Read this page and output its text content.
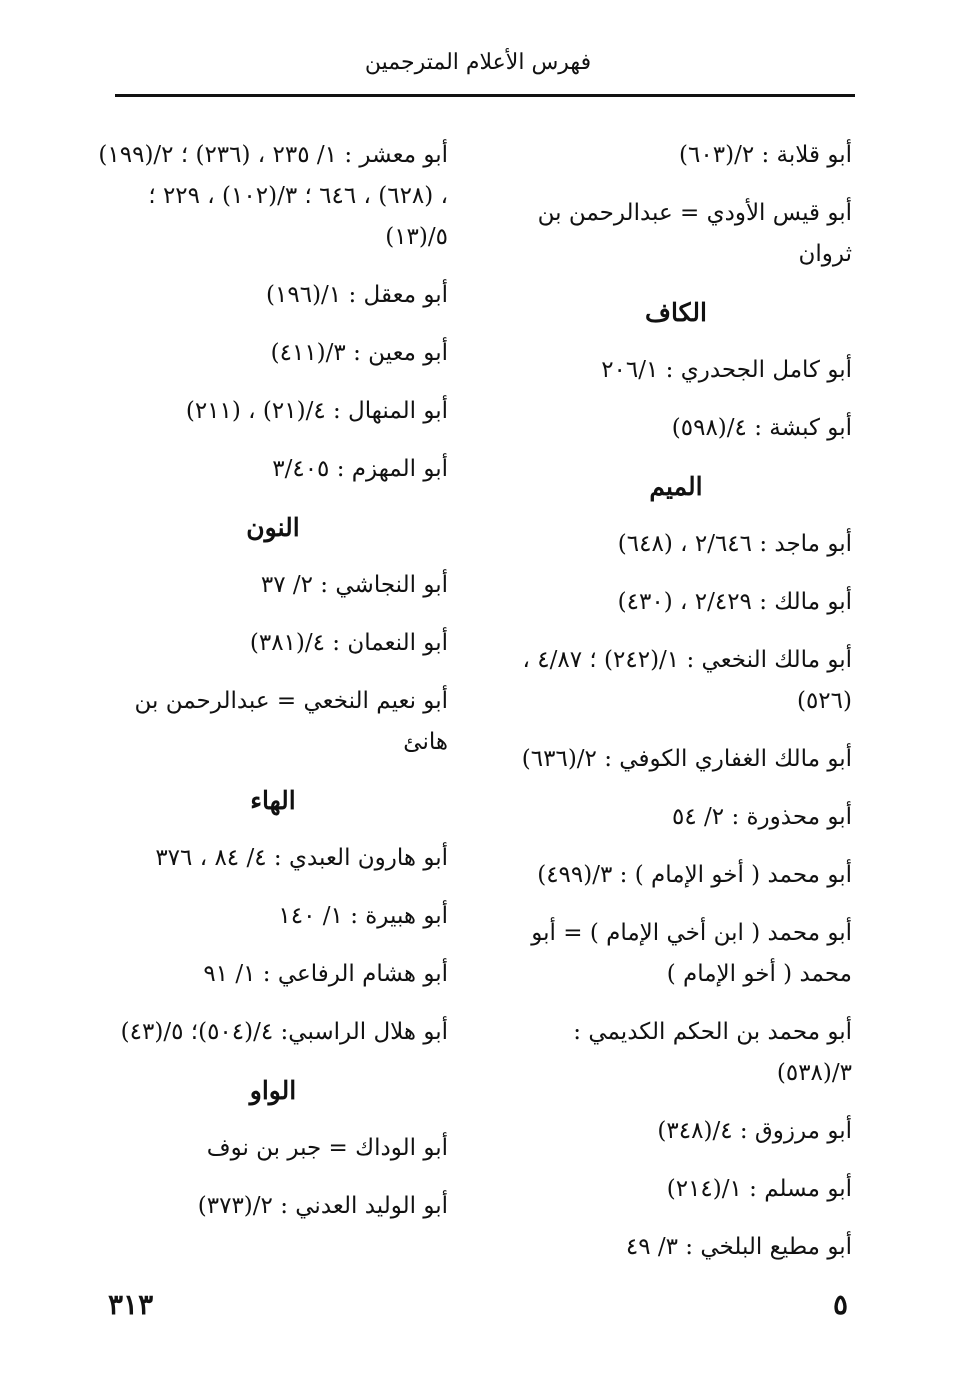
فهرس الأعلام المترجمين
أبو قلابة : ٢/(٦٠٣)
أبو قيس الأودي = عبدالرحمن بن ثروان
الكاف
أبو كامل الجحدري : ٢٠٦/١
أبو كبشة : ٤/(٥٩٨)
الميم
أبو ماجد : ٢/٦٤٦ ، (٦٤٨)
أبو مالك : ٢/٤٢٩ ، (٤٣٠)
أبو مالك النخعي : ١/(٢٤٢) ؛ ٤/٨٧ ، (٥٢٦)
أبو مالك الغفاري الكوفي : ٢/(٦٣٦)
أبو محذورة : ٢/ ٥٤
أبو محمد ( أخو الإمام ) : ٣/(٤٩٩)
أبو محمد ( ابن أخي الإمام ) = أبو محمد ( أخو الإمام )
أبو محمد بن الحكم الكديمي : ٣/(٥٣٨)
أبو مرزوق : ٤/(٣٤٨)
أبو مسلم : ١/(٢١٤)
أبو مطيع البلخي : ٣/ ٤٩
أبو معشر : ١/ ٢٣٥ ، (٢٣٦) ؛ ٢/(١٩٩) ، (٦٢٨) ، ٦٤٦ ؛ ٣/(١٠٢) ، ٢٢٩ ؛ ٥/(١٣)
أبو معقل : ١/(١٩٦)
أبو معين : ٣/(٤١١)
أبو المنهال : ٤/(٢١) ، (٢١١)
أبو المهزم : ٣/٤٠٥
النون
أبو النجاشي : ٢/ ٣٧
أبو النعمان : ٤/(٣٨١)
أبو نعيم النخعي = عبدالرحمن بن هانئ
الهاء
أبو هارون العبدي : ٤/ ٨٤ ، ٣٧٦
أبو هبيرة : ١/ ١٤٠
أبو هشام الرفاعي : ١/ ٩١
أبو هلال الراسبي: ٤/(٥٠٤)؛ ٥/(٤٣)
الواو
أبو الوداك = جبر بن نوف
أبو الوليد العدني : ٢/(٣٧٣)
٣١٣	٥
